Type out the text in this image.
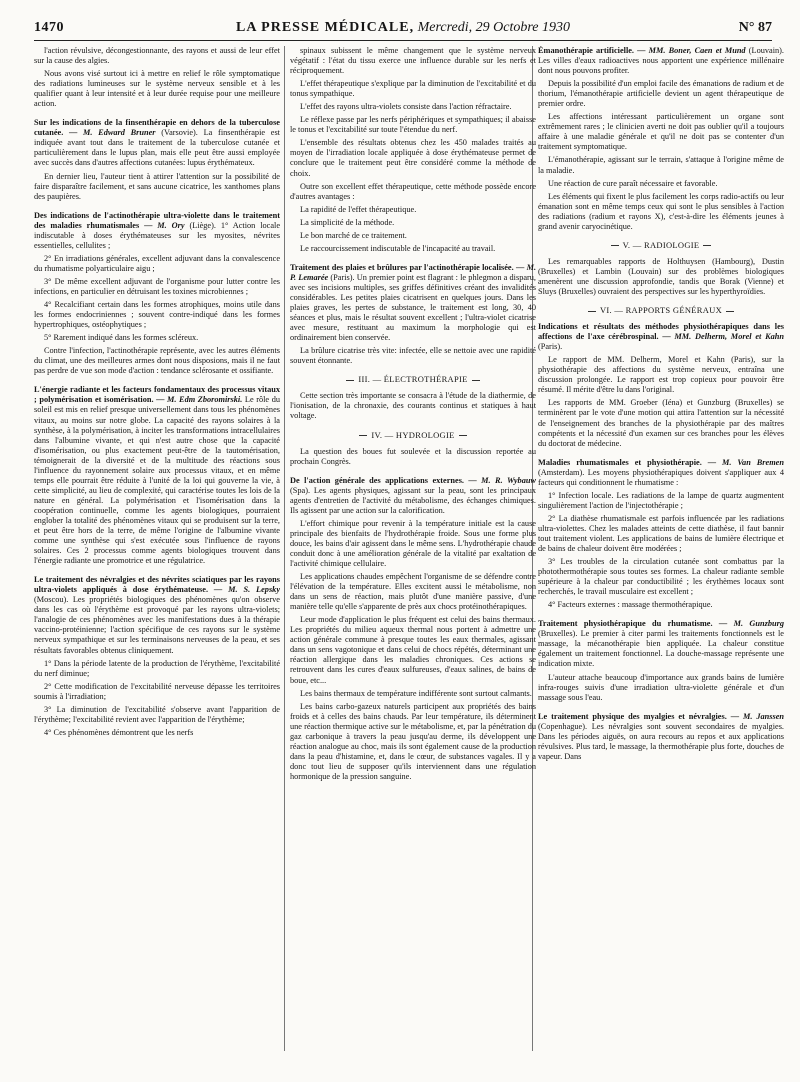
1470	LA PRESSE MÉDICALE, Mercredi, 29 Octobre 1930	N° 87

l'action révulsive, décongestionnante, des rayons et aussi de leur effet sur la cause des algies.

Nous avons visé surtout ici à mettre en relief le rôle symptomatique des radiations lumineuses sur le système nerveux sensible et à les qualifier quant à leur intensité et à leur durée requise pour une meilleure action.

Sur les indications de la finsenthérapie en dehors de la tuberculose cutanée. — M. Edward Bruner (Varsovie). La finsenthérapie est indiquée avant tout dans le traitement de la tuberculose cutanée et particulièrement dans le lupus plan, mais elle peut être aussi employée avec succès dans d'autres affections cutanées: lupus érythémateux.

En dernier lieu, l'auteur tient à attirer l'attention sur la possibilité de faire disparaître facilement, et sans aucune cicatrice, les xanthomes plans des paupières.

Des indications de l'actinothérapie ultra-violette dans le traitement des maladies rhumatismales — M. Ory (Liège). 1° Action locale indiscutable à doses érythémateuses sur les myosites, névrites essentielles, cellulites ;

2° En irradiations générales, excellent adjuvant dans la convalescence du rhumatisme polyarticulaire aigu ;

3° De même excellent adjuvant de l'organisme pour lutter contre les infections, en particulier en détruisant les toxines microbiennes ;

4° Recalcifiant certain dans les formes atrophiques, moins utile dans les formes endocriniennes ; souvent contre-indiqué dans les formes hypertrophiques, ostéophytiques ;

5° Rarement indiqué dans les formes scléreux.

Contre l'infection, l'actinothérapie représente, avec les autres éléments du climat, une des meilleures armes dont nous disposions, mais il ne faut pas perdre de vue son mode d'action : tendance sclérosante et ossifiante.

L'énergie radiante et les facteurs fondamentaux des processus vitaux ; polymérisation et isomérisation. — M. Edm Zboromirski. Le rôle du soleil est mis en relief presque universellement dans tous les phénomènes vitaux, au moins sur notre globe. La capacité des rayons solaires à la synthèse, à la polymérisation, à inciter les transformations intracellulaires dans l'albumine vivante, et qui n'est autre chose que la capacité d'isomérisation, ou plus exactement peut-être de la tautomérisation, témoignerait de la diversité et de la multitude des réactions sous l'influence du rayonnement solaire aux processus vitaux, et en même temps elle pourrait être réduite à l'unité de la loi qui gouverne la vie, à cette simplicité, au lieu de complexité, qui caractérise toutes les lois de la nature en général. La polymérisation et l'isomérisation dans la coopération continuelle, comme les agents biologiques, pourraient englober la totalité des phénomènes vitaux qui se produisent sur la terre, et peut être hors de la terre, de même l'origine de l'albumine vivante comme une synthèse qui s'est exécutée sous l'influence de rayons solaires. Ces 2 processus comme agents biologiques trouvent dans l'énergie radiante une promotrice et une régulatrice.

Le traitement des névralgies et des névrites sciatiques par les rayons ultra-violets appliqués à dose érythémateuse. — M. S. Lepsky (Moscou). Les propriétés biologiques des phénomènes qu'on observe dans les cas où l'érythème est provoqué par les rayons ultra-violets; l'analogie de ces phénomènes avec les manifestations dues à la thérapie vaccino-protéinienne; l'action spécifique de ces rayons sur le système nerveux sympathique et sur les terminaisons nerveuses de la peau, et ses résultats favorables obtenus cliniquement.

1° Dans la période latente de la production de l'érythème, l'excitabilité du nerf diminue;

2° Cette modification de l'excitabilité nerveuse dépasse les territoires soumis à l'irradiation;

3° La diminution de l'excitabilité s'observe avant l'apparition de l'érythème; l'excitabilité revient avec l'apparition de l'érythème;

4° Ces phénomènes démontrent que les nerfs

spinaux subissent le même changement que le système nerveux végétatif : l'état du tissu exerce une influence durable sur les nerfs et réciproquement.

L'effet thérapeutique s'explique par la diminution de l'excitabilité et du tonus sympathique.

L'effet des rayons ultra-violets consiste dans l'action réfractaire.

Le réflexe passe par les nerfs périphériques et sympathiques; il abaisse le tonus et l'excitabilité sur toute l'étendue du nerf.

L'ensemble des résultats obtenus chez les 450 malades traités au moyen de l'irradiation locale appliquée à dose érythémateuse permet de conclure que le traitement peut être considéré comme la méthode de choix.

Outre son excellent effet thérapeutique, cette méthode possède encore d'autres avantages :

La rapidité de l'effet thérapeutique.

La simplicité de la méthode.

Le bon marché de ce traitement.

Le raccourcissement indiscutable de l'incapacité au travail.

Traitement des plaies et brûlures par l'actinothérapie localisée. — M. P. Lemarée (Paris). Un premier point est flagrant : le phlegmon a disparu, avec ses incisions multiples, ses griffes définitives créant des invalidités considérables. Les petites plaies cicatrisent en quelques jours. Dans les plaies graves, les pertes de substance, le traitement est long, 30, 40 séances et plus, mais le résultat souvent excellent ; l'ultra-violet cicatrise avec mesure, restituant au maximum la morphologie qui est ordinairement bien conservée.

La brûlure cicatrise très vite: infectée, elle se nettoie avec une rapidité souvent étonnante.

III. — ÉLECTROTHÉRAPIE

Cette section très importante se consacra à l'étude de la diathermie, de l'ionisation, de la chronaxie, des courants continus et statiques à haut voltage.

IV. — HYDROLOGIE

La question des boues fut soulevée et la discussion reportée au prochain Congrès.

De l'action générale des applications externes. — M. R. Wybauw (Spa). Les agents physiques, agissant sur la peau, sont les principaux agents d'entretien de l'activité du métabolisme, des échanges chimiques. Ils agissent par une action sur la calorification.

L'effort chimique pour revenir à la température initiale est la cause principale des bienfaits de l'hydrothérapie froide. Sous une forme plus douce, les bains d'air agissent dans le même sens. L'hydrothérapie chaude conduit donc à une amélioration générale de la vitalité par exaltation de l'activité chimique cellulaire.

Les applications chaudes empêchent l'organisme de se défendre contre l'élévation de la température. Elles excitent aussi le métabolisme, non dans un sens de réaction, mais plutôt d'une manière passive, d'une manière telle qu'elle s'apparente de près aux chocs protéinothérapiques.

Leur mode d'application le plus fréquent est celui des bains thermaux. Les propriétés du milieu aqueux thermal nous portent à admettre une action générale commune à presque toutes les eaux thermales, agissant dans un sens vagotonique et dans celui de chocs répétés, déterminant une réaction allergique dans les maladies chroniques. Ces actions se retrouvent dans les cures d'eaux sulfureuses, d'eaux salines, de bains de boue, etc...

Les bains thermaux de température indifférente sont surtout calmants.

Les bains carbo-gazeux naturels participent aux propriétés des bains froids et à celles des bains chauds. Par leur température, ils déterminent une réaction thermique active sur le métabolisme, et, par la pénétration du gaz carbonique à travers la peau jusqu'au derme, ils développent une réaction analogue au choc, mais ils sont également cause de la production dans la peau d'histamine, et, dans le cœur, de substances vagales. Il y a donc tout lieu de supposer qu'ils interviennent dans une régulation hormonique de la pression sanguine.

Émanothérapie artificielle. — MM. Boner, Caen et Mund (Louvain). Les villes d'eaux radioactives nous apportent une expérience millénaire dont nous pouvons profiter.

Depuis la possibilité d'un emploi facile des émanations de radium et de thorium, l'émanothérapie artificielle devient un agent thérapeutique de premier ordre.

Les affections intéressant particulièrement un organe sont extrêmement rares ; le clinicien averti ne doit pas oublier qu'il a toujours affaire à une maladie générale et qu'il ne doit pas se contenter d'un traitement symptomatique.

L'émanothérapie, agissant sur le terrain, s'attaque à l'origine même de la maladie.

Une réaction de cure paraît nécessaire et favorable.

Les éléments qui fixent le plus facilement les corps radio-actifs ou leur émanation sont en même temps ceux qui sont le plus sensibles à l'action des radiations (radium et rayons X), c'est-à-dire les éléments jeunes à grand avenir caryocinétique.

V. — RADIOLOGIE

Les remarquables rapports de Holthuysen (Hambourg), Dustin (Bruxelles) et Lambin (Louvain) sur des problèmes biologiques amenèrent une discussion approfondie, tandis que Borak (Vienne) et Sluys (Bruxelles) ouvraient des perspectives sur les hyperthyroïdies.

VI. — RAPPORTS GÉNÉRAUX

Indications et résultats des méthodes physiothérapiques dans les affections de l'axe cérébrospinal. — MM. Delherm, Morel et Kahn (Paris).

Le rapport de MM. Delherm, Morel et Kahn (Paris), sur la physiothérapie des affections du système nerveux, entraîna une discussion prolongée. Le rapport est trop copieux pour pouvoir être résumé. Il mérite d'être lu dans l'original.

Les rapports de MM. Groeber (Iéna) et Gunzburg (Bruxelles) se terminèrent par le vote d'une motion qui attira l'attention sur la nécessité de l'enseignement des branches de la physiothérapie par des maîtres compétents et la nécessité d'un examen sur ces branches pour les élèves du doctorat de médecine.

Maladies rhumatismales et physiothérapie. — M. Van Bremen (Amsterdam). Les moyens physiothérapiques doivent s'appliquer aux 4 facteurs qui conditionnent le rhumatisme :

1° Infection locale. Les radiations de la lampe de quartz augmentent singulièrement l'action de l'injectothérapie ;

2° La diathèse rhumatismale est parfois influencée par les radiations ultra-violettes. Chez les malades atteints de cette diathèse, il faut bannir tout traitement violent. Les applications de bains de lumière électrique et de bains de chaleur doivent être modérées ;

3° Les troubles de la circulation cutanée sont combattus par la photothermothérapie sous toutes ses formes. La chaleur radiante semble supérieure à la chaleur par conductibilité ; les érythèmes locaux sont recherchés, le travail musculaire est excellent ;

4° Facteurs externes : massage thermothérapique.

Traitement physiothérapique du rhumatisme. — M. Gunzburg (Bruxelles). Le premier à citer parmi les traitements fonctionnels est le massage, la mécanothérapie bien appliquée. La chaleur constitue également un traitement fonctionnel. La douche-massage représente une indication mixte.

L'auteur attache beaucoup d'importance aux grands bains de lumière infra-rouges suivis d'une irradiation ultra-violette générale et d'un massage sous l'eau.

Le traitement physique des myalgies et névralgies. — M. Janssen (Copenhague). Les névralgies sont souvent secondaires de myalgies. Dans les périodes aiguës, on aura recours au repos et aux applications révulsives. Plus tard, le massage, la thermothérapie plus forte, douches de vapeur. Dans
